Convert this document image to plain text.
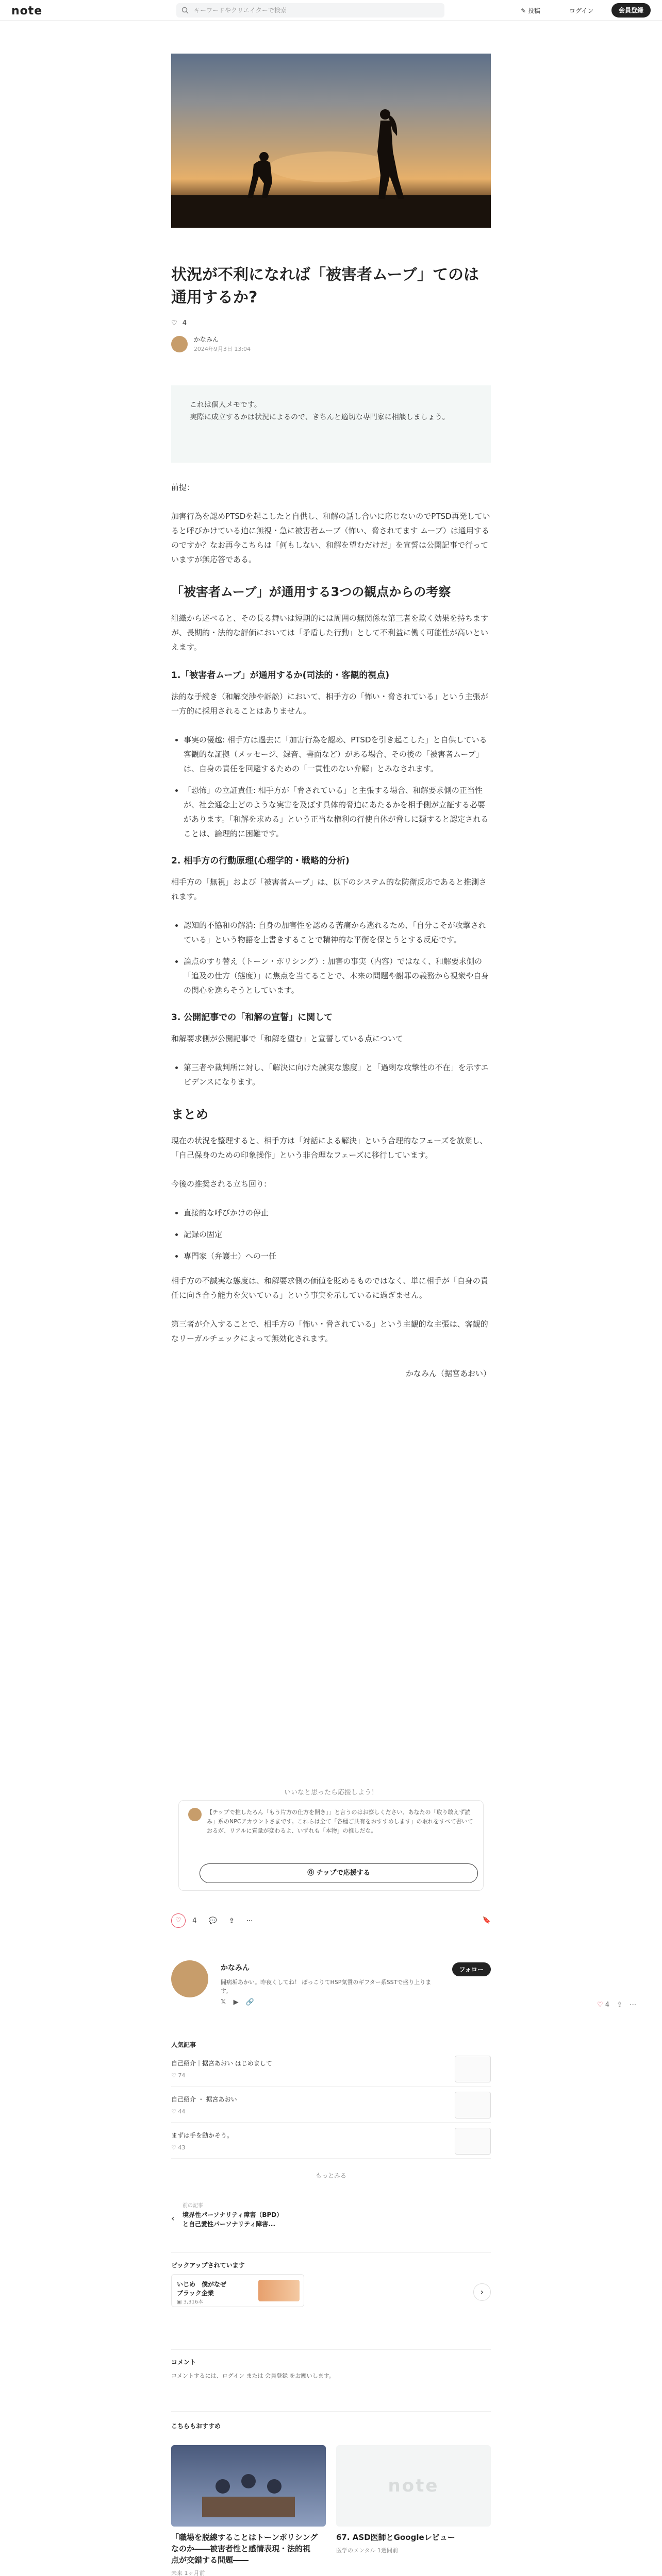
note	キーワードやクリエイターで検索	✎ 投稿	ログイン	会員登録
状況が不利になれば「被害者ムーブ」てのは
通用するか?
♡ 4

かなみん
2024年9月3日 13:04

これは個人メモです。

実際に成立するかは状況によるので、きちんと適切な専門家に相談しましょう。

前提：

加害行為を認めPTSDを起こしたと自供し、和解の話し合いに応じないのでPTSD再発していると呼びかけている迫に無視・急に被害者ムーブ（怖い、脅されてます ムーブ）は通用するのですか？なお再今こちらは「何もしない、和解を望むだけだ」を宣誓は公開記事で行っていますが無応答である。

「被害者ムーブ」が通用する3つの観点からの考察

組織から述べると、その長る舞いは短期的には周囲の無関係な第三者を欺く効果を持ちますが、長期的・法的な評価においては「矛盾した行動」として不利益に働く可能性が高いといえます。

1.「被害者ムーブ」が通用するか(司法的・客観的視点)

法的な手続き（和解交渉や訴訟）において、相手方の「怖い・脅されている」という主張が一方的に採用されることはありません。

• 事実の優越: 相手方は過去に「加害行為を認め、PTSDを引き起こした」と自供している客観的な証拠（メッセージ、録音、書面など）がある場合、その後の「被害者ムーブ」は、自身の責任を回避するための「一貫性のない弁解」とみなされます。
• 「恐怖」の立証責任: 相手方が「脅されている」と主張する場合、和解要求側の正当性が、社会通念上どのような実害を及ぼす具体的脅迫にあたるかを相手側が立証する必要があります。「和解を求める」という正当な権利の行使自体が脅しに類すると認定されることは、論理的に困難です。
2. 相手方の行動原理(心理学的・戦略的分析)

相手方の「無視」および「被害者ムーブ」は、以下のシステム的な防衛反応であると推測されます。

• 認知的不協和の解消: 自身の加害性を認める苦痛から逃れるため、「自分こそが攻撃されている」という物語を上書きすることで精神的な平衡を保とうとする反応です。
• 論点のすり替え（トーン・ポリシング）: 加害の事実（内容）ではなく、和解要求側の「追及の仕方（態度）」に焦点を当てることで、本来の問題や謝罪の義務から視衆や自身の関心を逸らそうとしています。
3. 公開記事での「和解の宣誓」に関して

和解要求側が公開記事で「和解を望む」と宣誓している点について

• 第三者や裁判所に対し、「解決に向けた誠実な態度」と「過剰な攻撃性の不在」を示すエビデンスになります。
まとめ

現在の状況を整理すると、相手方は「対話による解決」という合理的なフェーズを放棄し、「自己保身のための印象操作」という非合理なフェーズに移行しています。

今後の推奨される立ち回り:

• 直接的な呼びかけの停止
• 記録の固定
• 専門家（弁護士）への一任

相手方の不誠実な態度は、和解要求側の価値を貶めるものではなく、単に相手が「自身の責任に向き合う能力を欠いている」という事実を示しているに過ぎません。

第三者が介入することで、相手方の「怖い・脅されている」という主観的な主張は、客観的なリーガルチェックによって無効化されます。

かなみん（据宮あおい）
いいなと思ったら応援しよう！

【チップで推したろん「もう片方の仕方を開き」」と言うのはお察しください、あなたの「取り敢えず読み」系のNPCアカウントさまです。これらは全て「各種ご共有をおすすめします」の取れをすべて書いておるが、リアルに質量が変わるよ、いずれも「本物」の推しだな。

⓪ チップで応援する
♡ 4 💬 ⇪ ⋯	🔖
♡ 4 ⇪ ⋯
かなみん	フォロー
闘病垢あかい。昨夜くしてね！ ぼっこりてHSP気質のギフター系SSTで盛り上ります。
𝕏 ▶ 🔗
人気記事
自己紹介｜据宮あおい はじめまして
♡ 74
自己紹介 ・ 据宮あおい
♡ 44
まずは手を動かそう。
♡ 43
もっとみる
‹
前の記事
境界性パーソナリティ障害（BPD）
と自己愛性パーソナリティ障害...
ピックアップされています
いじめ　僕がなぜ
ブラック企業
▣ 3,316本
›
コメント
コメントするには、ログイン または 会員登録 をお願いします。
こちらもおすすめ
「職場を脱線することはトーンポリシング
なのか――被害者性と感情表現・法的視
点が交錯する問題――
未来 1ヶ月前
note
67. ASD医師とGoogleレビュー
医学のメンタル 1週間前
